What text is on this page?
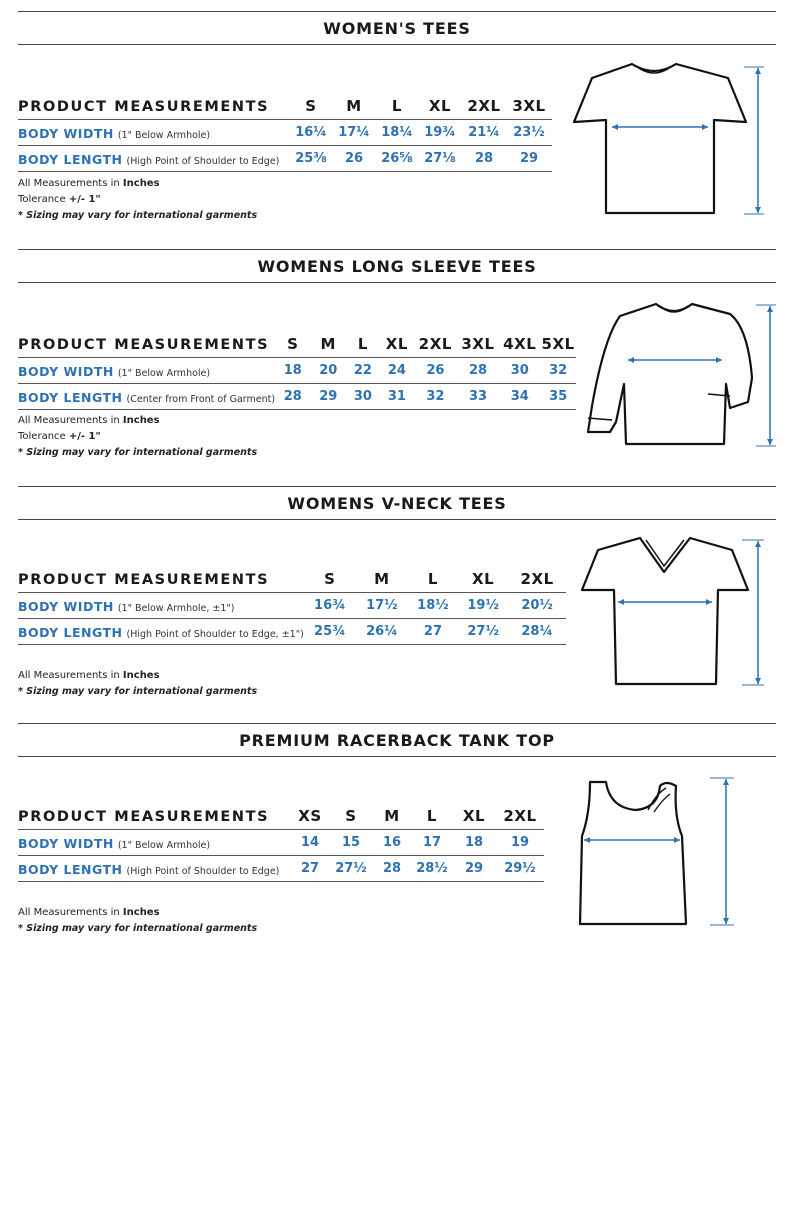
WOMEN'S TEES
PRODUCT MEASUREMENTS	S	M	L	XL	2XL	3XL
BODY WIDTH (1" Below Armhole)	16¼	17¼	18¼	19¾	21¼	23½
BODY LENGTH (High Point of Shoulder to Edge)	25⅜	26	26⅝	27⅛	28	29
All Measurements in Inches
Tolerance +/- 1"
* Sizing may vary for international garments
WOMENS LONG SLEEVE TEES
PRODUCT MEASUREMENTS	S	M	L	XL	2XL	3XL	4XL	5XL
BODY WIDTH (1" Below Armhole)	18	20	22	24	26	28	30	32
BODY LENGTH (Center from Front of Garment)	28	29	30	31	32	33	34	35
All Measurements in Inches
Tolerance +/- 1"
* Sizing may vary for international garments
WOMENS V-NECK TEES
PRODUCT MEASUREMENTS	S	M	L	XL	2XL
BODY WIDTH (1" Below Armhole, ±1")	16¾	17½	18½	19½	20½
BODY LENGTH (High Point of Shoulder to Edge, ±1")	25¾	26¼	27	27½	28¼
All Measurements in Inches
* Sizing may vary for international garments
PREMIUM RACERBACK TANK TOP
PRODUCT MEASUREMENTS	XS	S	M	L	XL	2XL
BODY WIDTH (1" Below Armhole)	14	15	16	17	18	19
BODY LENGTH (High Point of Shoulder to Edge)	27	27½	28	28½	29	29½
All Measurements in Inches
* Sizing may vary for international garments
